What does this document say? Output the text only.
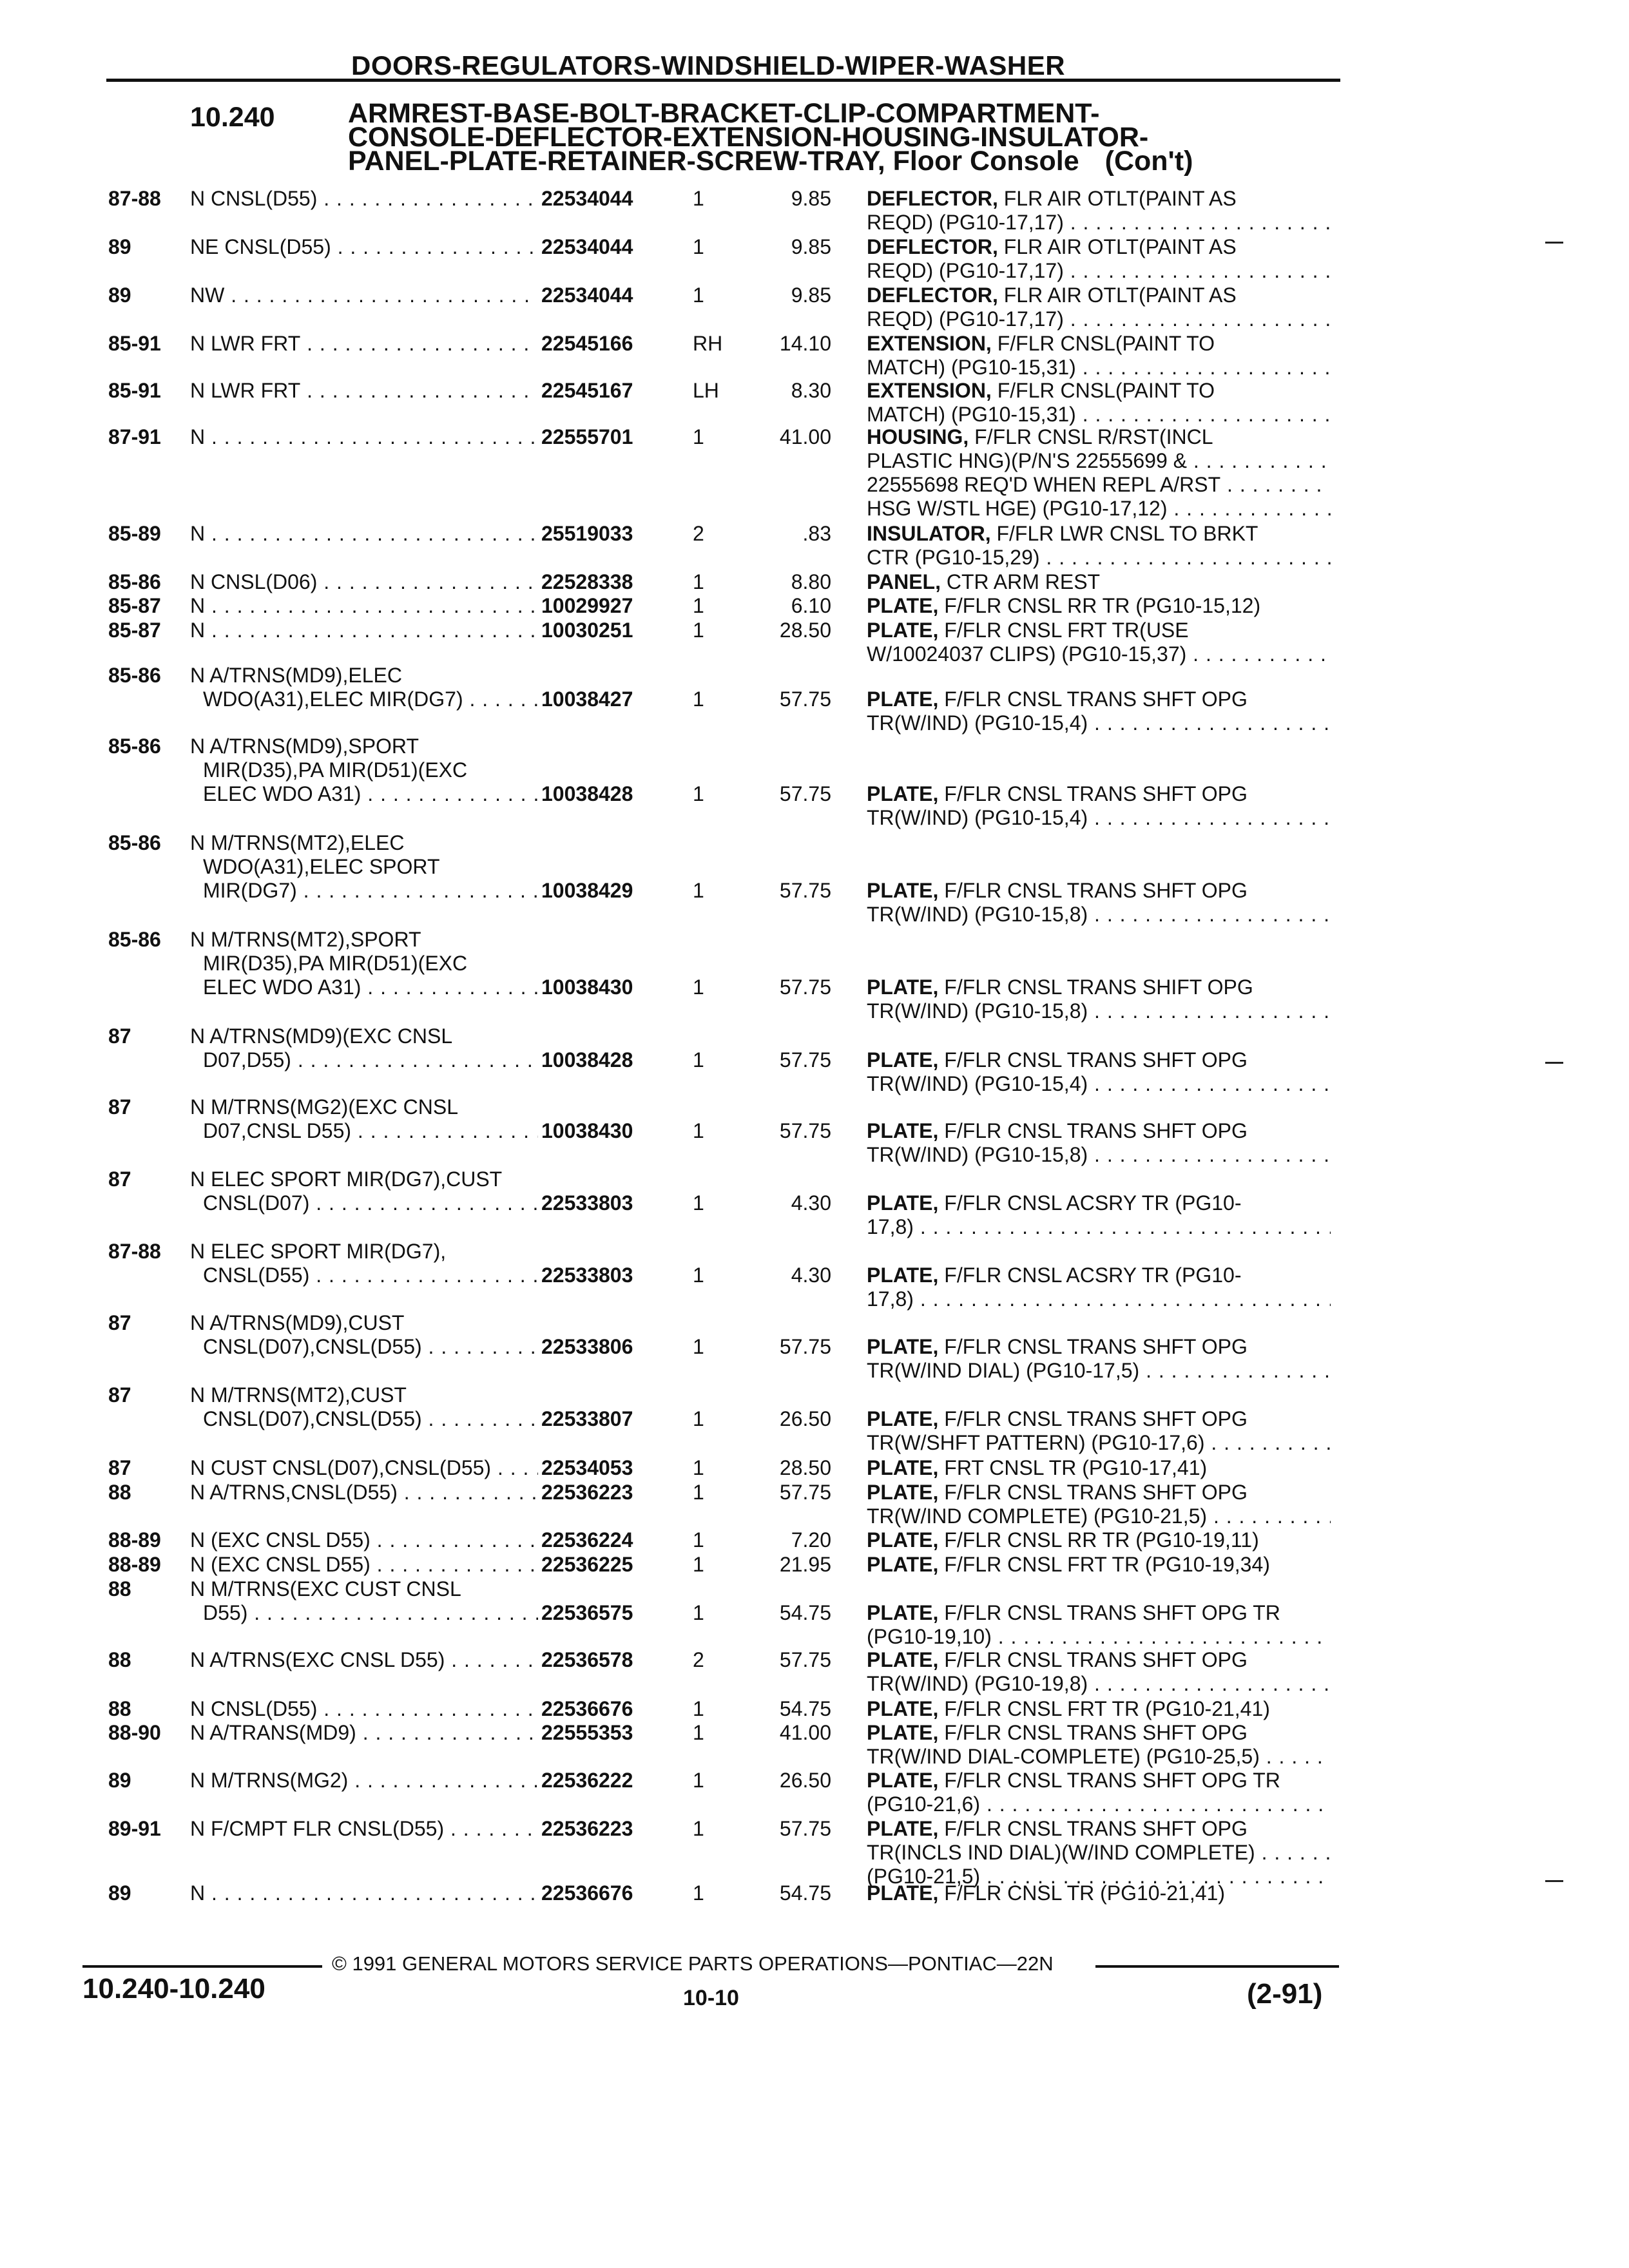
DOORS-REGULATORS-WINDSHIELD-WIPER-WASHER
10.240	ARMREST-BASE-BOLT-BRACKET-CLIP-COMPARTMENT-
CONSOLE-DEFLECTOR-EXTENSION-HOUSING-INSULATOR-
PANEL-PLATE-RETAINER-SCREW-TRAY, Floor Console (Con't)
87-88 N CNSL(D55) . . .	22534044	1	9.85 DEFLECTOR, FLR AIR OTLT(PAINT AS
REQD) (PG10-17,17) . . .
89	NE CNSL(D55) . . .	22534044	1	9.85 DEFLECTOR, FLR AIR OTLT(PAINT AS
REQD) (PG10-17,17) . . .
89	NW . . .	22534044	1	9.85 DEFLECTOR, FLR AIR OTLT(PAINT AS
REQD) (PG10-17,17) . . .
85-91 N LWR FRT . . .	22545166	RH	14.10 EXTENSION, F/FLR CNSL(PAINT TO
MATCH) (PG10-15,31) . . .
85-91 N LWR FRT . . .	22545167	LH	8.30 EXTENSION, F/FLR CNSL(PAINT TO
MATCH) (PG10-15,31) . . .
87-91 N . . .	22555701	1	41.00 HOUSING, F/FLR CNSL R/RST(INCL
PLASTIC HNG)(P/N'S 22555699 & . . .
22555698 REQ'D WHEN REPL A/RST . . .
HSG W/STL HGE) (PG10-17,12) . . .
85-89 N . . .	25519033	2	.83 INSULATOR, F/FLR LWR CNSL TO BRKT
CTR (PG10-15,29) . . .
85-86 N CNSL(D06) . . .	22528338	1	8.80 PANEL, CTR ARM REST
85-87 N . . .	10029927	1	6.10 PLATE, F/FLR CNSL RR TR (PG10-15,12)
85-87 N . . .	10030251	1	28.50 PLATE, F/FLR CNSL FRT TR(USE
W/10024037 CLIPS) (PG10-15,37) . . .
85-86 N A/TRNS(MD9),ELEC
WDO(A31),ELEC MIR(DG7) . . .	10038427	1	57.75 PLATE, F/FLR CNSL TRANS SHFT OPG
TR(W/IND) (PG10-15,4) . . .
85-86 N A/TRNS(MD9),SPORT
MIR(D35),PA MIR(D51)(EXC
ELEC WDO A31) . . .	10038428	1	57.75 PLATE, F/FLR CNSL TRANS SHFT OPG
TR(W/IND) (PG10-15,4) . . .
85-86 N M/TRNS(MT2),ELEC
WDO(A31),ELEC SPORT
MIR(DG7) . . .	10038429	1	57.75 PLATE, F/FLR CNSL TRANS SHFT OPG
TR(W/IND) (PG10-15,8) . . .
85-86 N M/TRNS(MT2),SPORT
MIR(D35),PA MIR(D51)(EXC
ELEC WDO A31) . . .	10038430	1	57.75 PLATE, F/FLR CNSL TRANS SHIFT OPG
TR(W/IND) (PG10-15,8) . . .
87	N A/TRNS(MD9)(EXC CNSL
D07,D55) . . .	10038428	1	57.75 PLATE, F/FLR CNSL TRANS SHFT OPG
TR(W/IND) (PG10-15,4) . . .
87	N M/TRNS(MG2)(EXC CNSL
D07,CNSL D55) . . .	10038430	1	57.75 PLATE, F/FLR CNSL TRANS SHFT OPG
TR(W/IND) (PG10-15,8) . . .
87	N ELEC SPORT MIR(DG7),CUST
CNSL(D07) . . .	22533803	1	4.30 PLATE, F/FLR CNSL ACSRY TR (PG10-
17,8) . . .
87-88 N ELEC SPORT MIR(DG7),
CNSL(D55) . . .	22533803	1	4.30 PLATE, F/FLR CNSL ACSRY TR (PG10-
17,8) . . .
87	N A/TRNS(MD9),CUST
CNSL(D07),CNSL(D55) . . .	22533806	1	57.75 PLATE, F/FLR CNSL TRANS SHFT OPG
TR(W/IND DIAL) (PG10-17,5) . . .
87	N M/TRNS(MT2),CUST
CNSL(D07),CNSL(D55) . . .	22533807	1	26.50 PLATE, F/FLR CNSL TRANS SHFT OPG
TR(W/SHFT PATTERN) (PG10-17,6) . . .
87	N CUST CNSL(D07),CNSL(D55) . . .	22534053	1	28.50 PLATE, FRT CNSL TR (PG10-17,41)
88	N A/TRNS,CNSL(D55) . . .	22536223	1	57.75 PLATE, F/FLR CNSL TRANS SHFT OPG
TR(W/IND COMPLETE) (PG10-21,5) . . .
88-89 N (EXC CNSL D55) . . .	22536224	1	7.20 PLATE, F/FLR CNSL RR TR (PG10-19,11)
88-89 N (EXC CNSL D55) . . .	22536225	1	21.95 PLATE, F/FLR CNSL FRT TR (PG10-19,34)
88	N M/TRNS(EXC CUST CNSL
D55) . . .	22536575	1	54.75 PLATE, F/FLR CNSL TRANS SHFT OPG TR
(PG10-19,10) . . .
88	N A/TRNS(EXC CNSL D55) . . .	22536578	2	57.75 PLATE, F/FLR CNSL TRANS SHFT OPG
TR(W/IND) (PG10-19,8) . . .
88	N CNSL(D55) . . .	22536676	1	54.75 PLATE, F/FLR CNSL FRT TR (PG10-21,41)
88-90 N A/TRANS(MD9) . . .	22555353	1	41.00 PLATE, F/FLR CNSL TRANS SHFT OPG
TR(W/IND DIAL-COMPLETE) (PG10-25,5) . . .
89	N M/TRNS(MG2) . . .	22536222	1	26.50 PLATE, F/FLR CNSL TRANS SHFT OPG TR
(PG10-21,6) . . .
89-91 N F/CMPT FLR CNSL(D55) . . .	22536223	1	57.75 PLATE, F/FLR CNSL TRANS SHFT OPG
TR(INCLS IND DIAL)(W/IND COMPLETE) . . .
(PG10-21,5) . . .
89	N . . .	22536676	1	54.75 PLATE, F/FLR CNSL TR (PG10-21,41)
© 1991 GENERAL MOTORS SERVICE PARTS OPERATIONS—PONTIAC—22N
10.240-10.240	10-10	(2-91)
